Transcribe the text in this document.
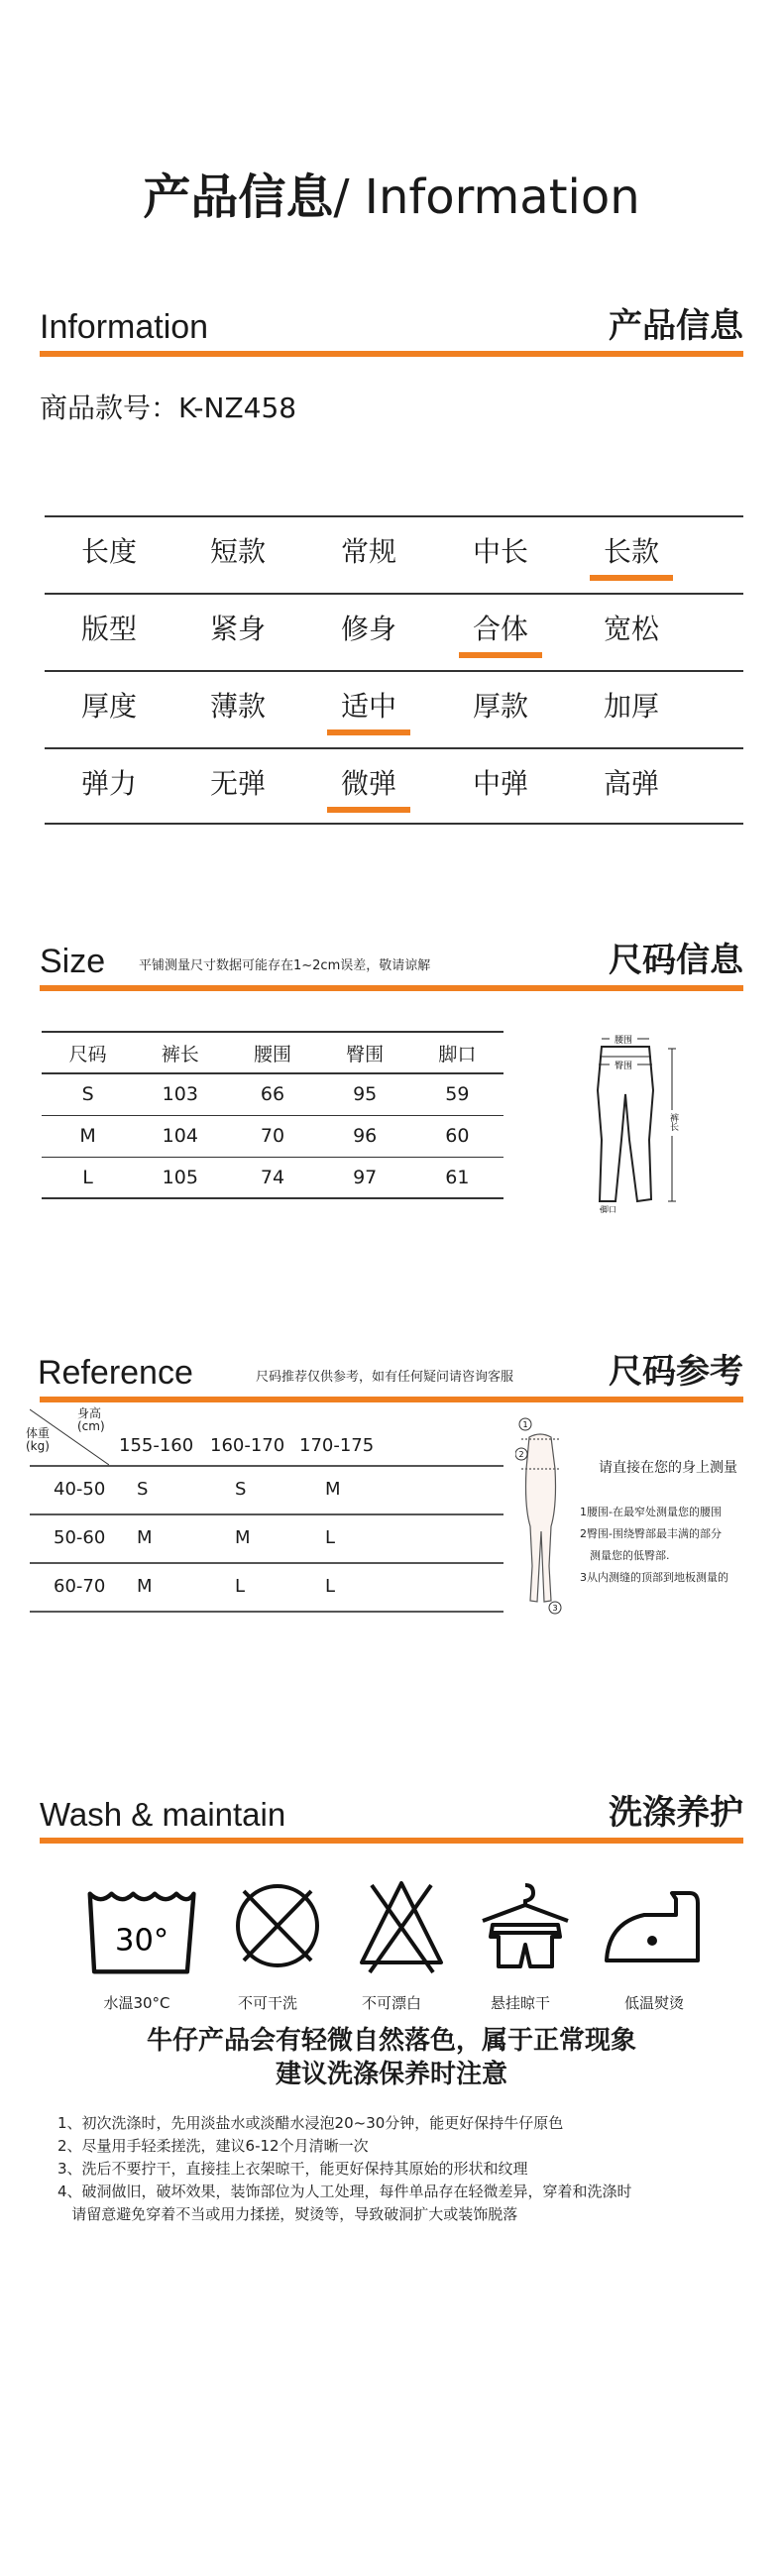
产品信息/ Information
Information	产品信息
商品款号：K-NZ458
长度	短款	常规	中长	长款
版型	紧身	修身	合体	宽松
厚度	薄款	适中	厚款	加厚
弹力	无弹	微弹	中弹	高弹
Size	平铺测量尺寸数据可能存在1~2cm误差，敬请谅解	尺码信息
尺码	裤长	腰围	臀围	脚口
S	103	66	95	59
M	104	70	96	60
L	105	74	97	61
腰围
臀围
裤长
脚口
Reference	尺码推荐仅供参考，如有任何疑问请咨询客服	尺码参考
身高
(cm)
体重
(kg)	155-160 160-170 170-175
40-50 S	S	M
50-60 M	M	L
60-70 M	L	L
1
2
3
请直接在您的身上测量
1腰围-在最窄处测量您的腰围
2臀围-围绕臀部最丰满的部分
测量您的低臀部.
3从内测缝的顶部到地板测量的
Wash & maintain	洗涤养护
30°
水温30°C	不可干洗	不可漂白	悬挂晾干	低温熨烫
牛仔产品会有轻微自然落色，属于正常现象
建议洗涤保养时注意
1、初次洗涤时，先用淡盐水或淡醋水浸泡20~30分钟，能更好保持牛仔原色
2、尽量用手轻柔搓洗，建议6-12个月清晰一次
3、洗后不要拧干，直接挂上衣架晾干，能更好保持其原始的形状和纹理
4、破洞做旧，破坏效果，装饰部位为人工处理，每件单品存在轻微差异，穿着和洗涤时
请留意避免穿着不当或用力揉搓，熨烫等，导致破洞扩大或装饰脱落
